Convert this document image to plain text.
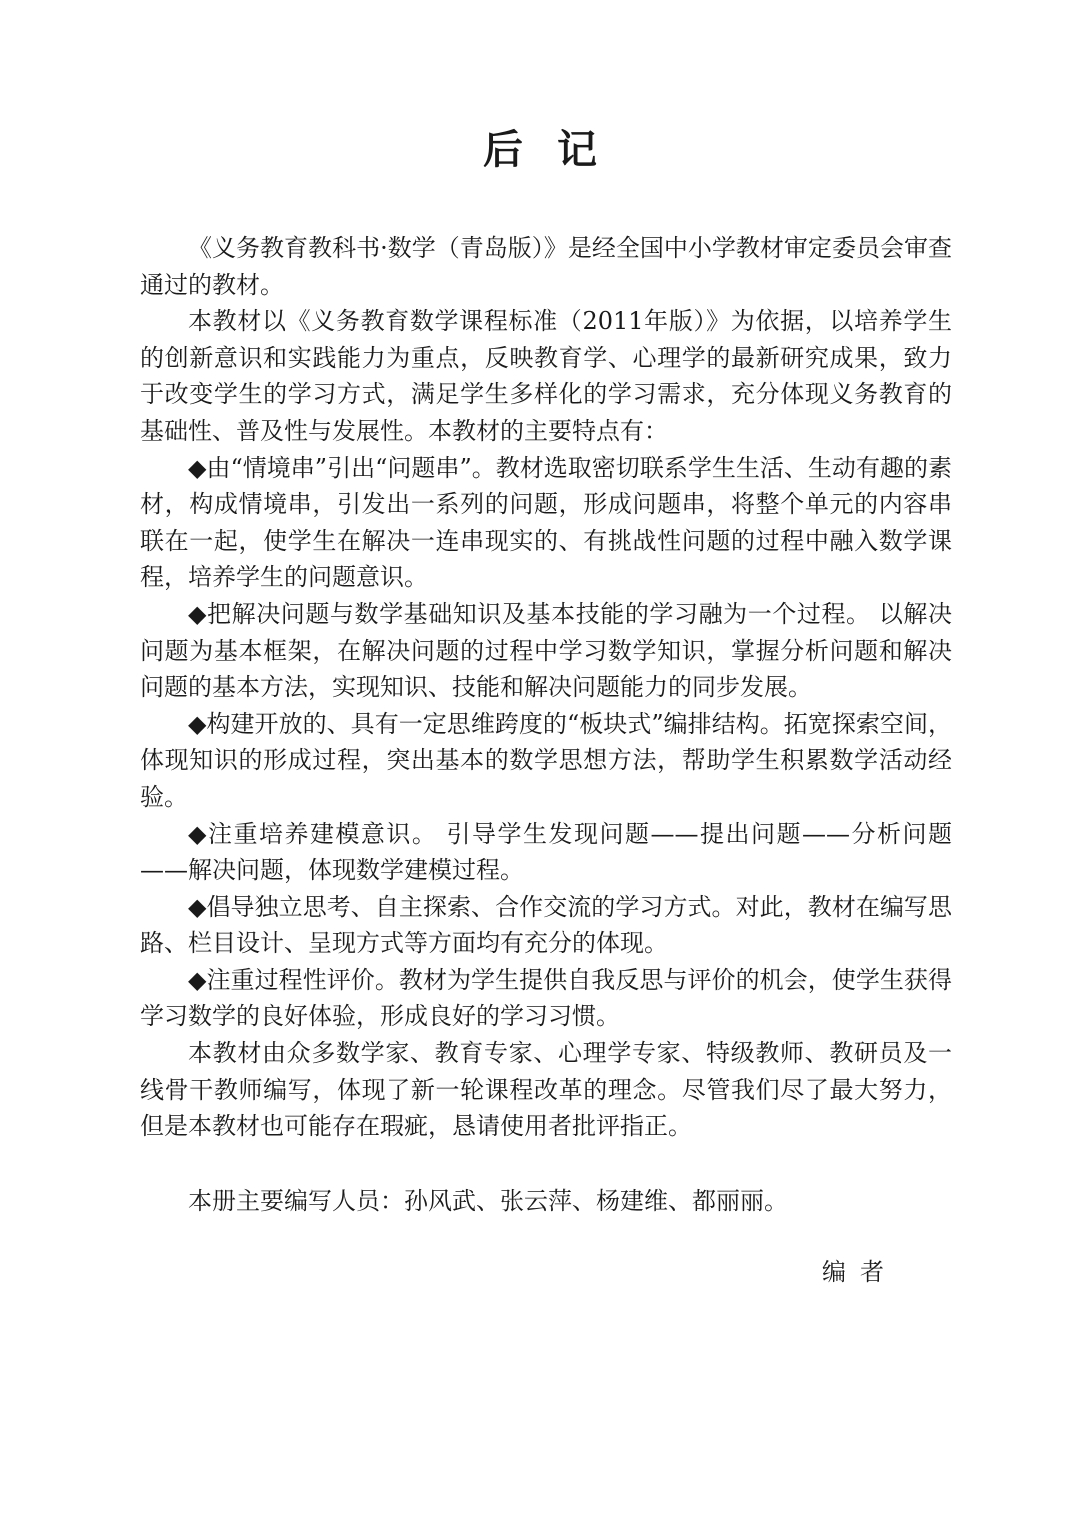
后记

《义务教育教科书·数学（青岛版）》是经全国中小学教材审定委员会审查通过的教材。

本教材以《义务教育数学课程标准（2011年版）》为依据，以培养学生的创新意识和实践能力为重点，反映教育学、心理学的最新研究成果，致力于改变学生的学习方式，满足学生多样化的学习需求，充分体现义务教育的基础性、普及性与发展性。本教材的主要特点有：

◆由“情境串”引出“问题串”。教材选取密切联系学生生活、生动有趣的素材，构成情境串，引发出一系列的问题，形成问题串，将整个单元的内容串联在一起，使学生在解决一连串现实的、有挑战性问题的过程中融入数学课程，培养学生的问题意识。

◆把解决问题与数学基础知识及基本技能的学习融为一个过程。 以解决问题为基本框架，在解决问题的过程中学习数学知识，掌握分析问题和解决问题的基本方法，实现知识、技能和解决问题能力的同步发展。

◆构建开放的、具有一定思维跨度的“板块式”编排结构。拓宽探索空间，体现知识的形成过程，突出基本的数学思想方法，帮助学生积累数学活动经验。

◆注重培养建模意识。 引导学生发现问题——提出问题——分析问题——解决问题，体现数学建模过程。

◆倡导独立思考、自主探索、合作交流的学习方式。对此，教材在编写思路、栏目设计、呈现方式等方面均有充分的体现。

◆注重过程性评价。教材为学生提供自我反思与评价的机会，使学生获得学习数学的良好体验，形成良好的学习习惯。

本教材由众多数学家、教育专家、心理学专家、特级教师、教研员及一线骨干教师编写，体现了新一轮课程改革的理念。尽管我们尽了最大努力，但是本教材也可能存在瑕疵，恳请使用者批评指正。

本册主要编写人员：孙风武、张云萍、杨建维、都丽丽。

编者
